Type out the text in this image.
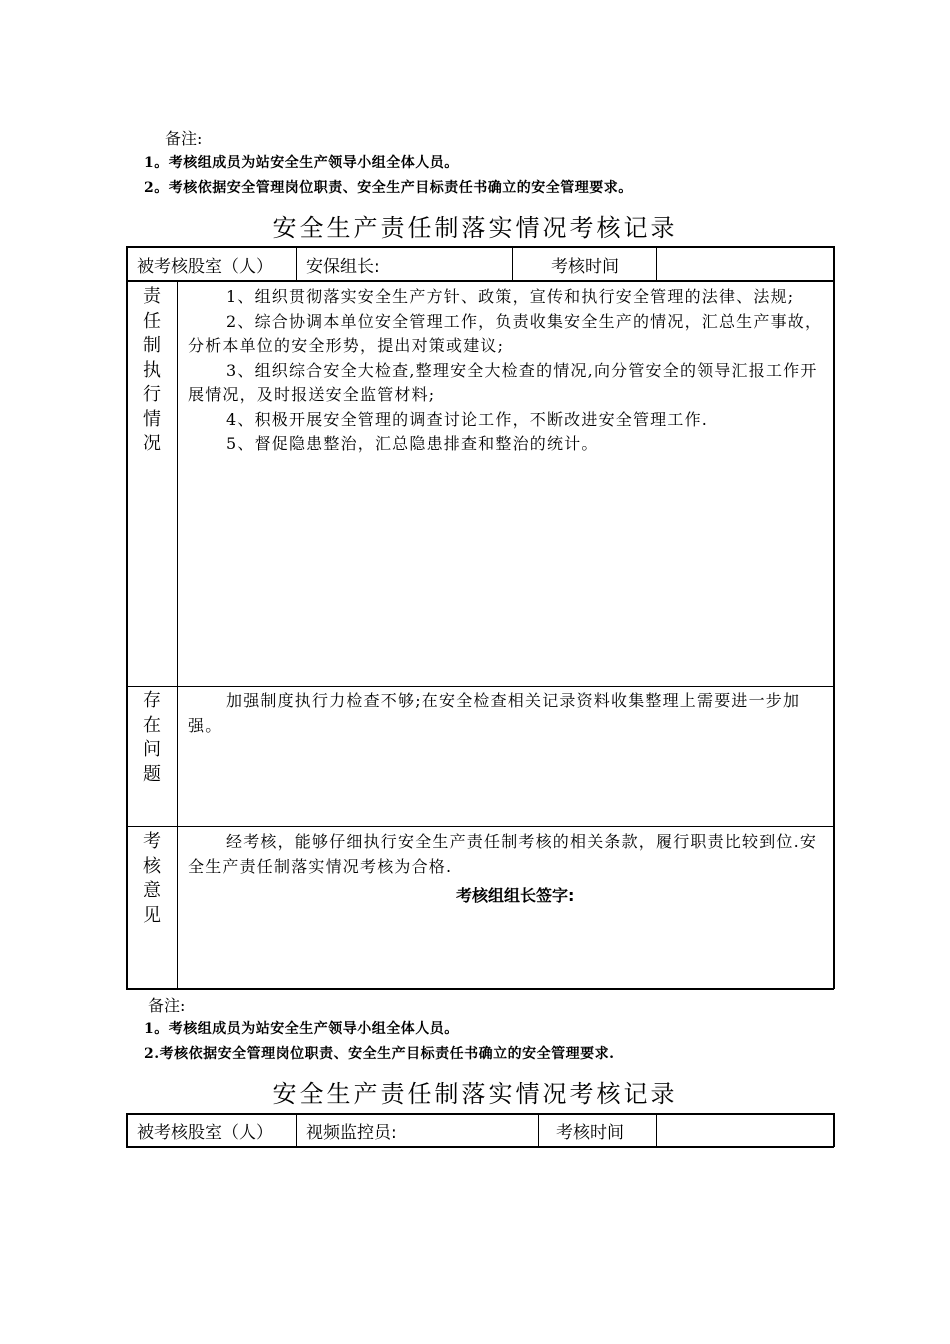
备注:
1。考核组成员为站安全生产领导小组全体人员。
2。考核依据安全管理岗位职责、安全生产目标责任书确立的安全管理要求。
安全生产责任制落实情况考核记录
被考核股室（人） 安保组长:	考核时间
责
任
制
执
行
情
况

1、组织贯彻落实安全生产方针、政策，宣传和执行安全管理的法律、法规;

2、综合协调本单位安全管理工作，负责收集安全生产的情况，汇总生产事故，分析本单位的安全形势，提出对策或建议;

3、组织综合安全大检查,整理安全大检查的情况,向分管安全的领导汇报工作开展情况，及时报送安全监管材料;

4、积极开展安全管理的调查讨论工作，不断改进安全管理工作.

5、督促隐患整治，汇总隐患排查和整治的统计。

存
在
问
题

加强制度执行力检查不够;在安全检查相关记录资料收集整理上需要进一步加强。

考
核
意
见

经考核，能够仔细执行安全生产责任制考核的相关条款，履行职责比较到位.安全生产责任制落实情况考核为合格.

考核组组长签字:
备注:
1。考核组成员为站安全生产领导小组全体人员。
2.考核依据安全管理岗位职责、安全生产目标责任书确立的安全管理要求.
安全生产责任制落实情况考核记录
被考核股室（人） 视频监控员:	考核时间
